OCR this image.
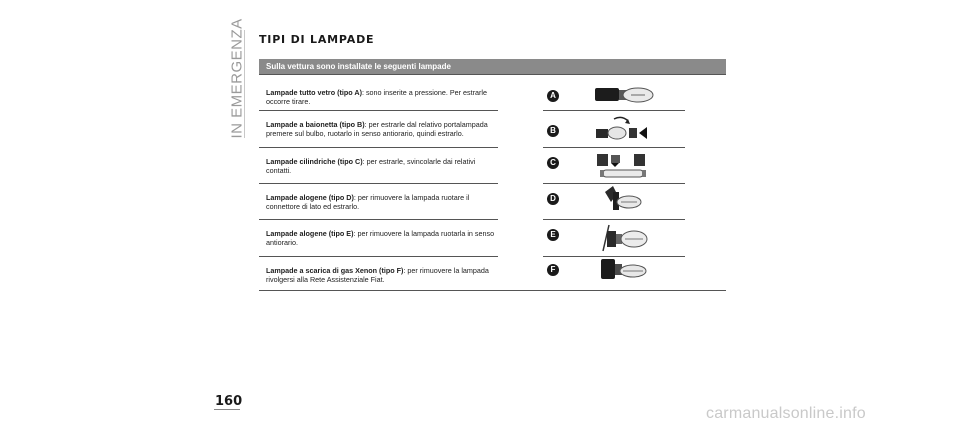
IN EMERGENZA TIPI DI LAMPADE
Sulla vettura sono installate le seguenti lampade
Lampade tutto vetro (tipo A): sono inserite a pressione. Per estrarle occorre tirare.
A
Lampade a baionetta (tipo B): per estrarle dal relativo portalampada premere sul bulbo, ruotarlo in senso antiorario, quindi estrarlo.	B
Lampade cilindriche (tipo C): per estrarle, svincolarle dai relativi contatti.
C
Lampade alogene (tipo D): per rimuovere la lampada ruotare il connettore di lato ed estrarlo.
D
Lampade alogene (tipo E): per rimuovere la lampada ruotarla in senso antiorario.
E
Lampade a scarica di gas Xenon (tipo F): per rimuovere la lampada rivolgersi alla Rete Assistenziale Fiat.
F
160
carmanualsonline.info
